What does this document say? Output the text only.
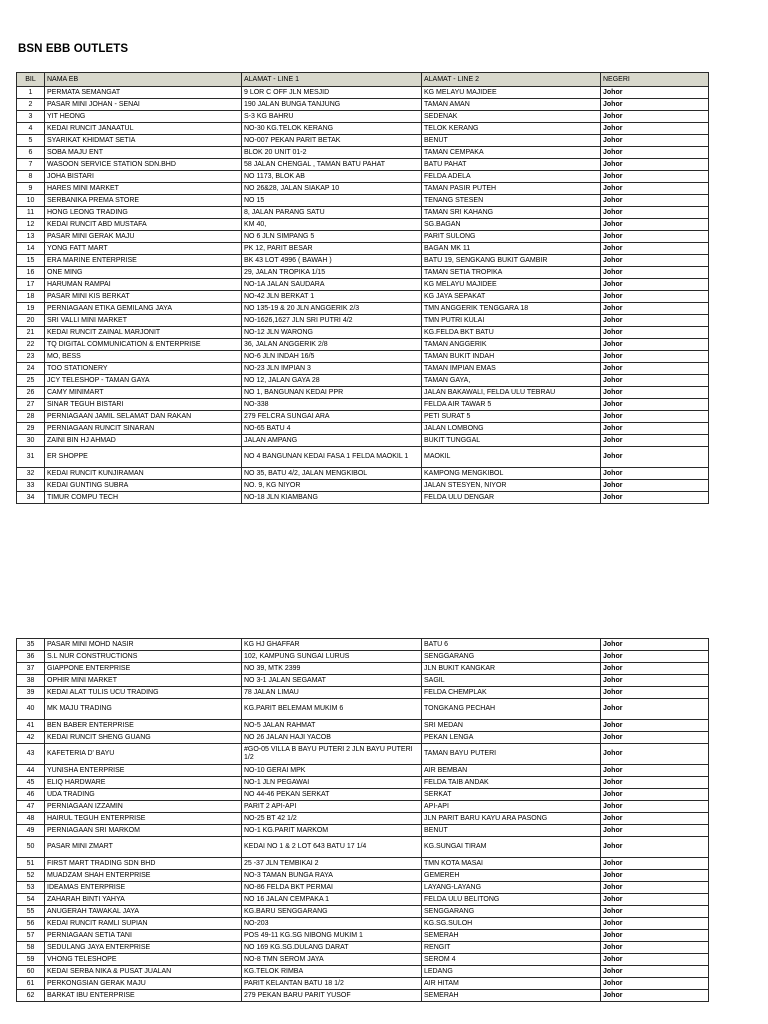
BSN EBB OUTLETS
BIL	NAMA EB	ALAMAT - LINE 1	ALAMAT - LINE 2	NEGERI
1	PERMATA SEMANGAT	9 LOR C OFF JLN MESJID	KG MELAYU MAJIDEE	Johor
2	PASAR MINI JOHAN - SENAI	190 JALAN BUNGA TANJUNG	TAMAN AMAN	Johor
3	YIT HEONG	S-3 KG BAHRU	SEDENAK	Johor
4	KEDAI RUNCIT JANAATUL	NO-30 KG.TELOK KERANG	TELOK KERANG	Johor
5	SYARIKAT KHIDMAT SETIA	NO-007 PEKAN PARIT BETAK	BENUT	Johor
6	SOBA MAJU ENT	BLOK 20 UNIT 01-2	TAMAN CEMPAKA	Johor
7	WASOON SERVICE STATION SDN.BHD	58 JALAN CHENGAL , TAMAN BATU PAHAT	BATU PAHAT	Johor
8	JOHA BISTARI	NO 1173, BLOK AB	FELDA ADELA	Johor
9	HARES MINI MARKET	NO 26&28, JALAN SIAKAP 10	TAMAN PASIR PUTEH	Johor
10	SERBANIKA PREMA STORE	NO 15	TENANG STESEN	Johor
11	HONG LEONG TRADING	8, JALAN PARANG SATU	TAMAN SRI KAHANG	Johor
12	KEDAI RUNCIT ABD MUSTAFA	KM 40,	SG.BAGAN	Johor
13	PASAR MINI GERAK MAJU	NO 6 JLN SIMPANG 5	PARIT SULONG	Johor
14	YONG FATT MART	PK 12, PARIT BESAR	BAGAN MK 11	Johor
15	ERA MARINE ENTERPRISE	BK 43 LOT 4996 ( BAWAH )	BATU 19, SENGKANG BUKIT GAMBIR	Johor
16	ONE MING	29, JALAN TROPIKA 1/15	TAMAN SETIA TROPIKA	Johor
17	HARUMAN RAMPAI	NO-1A JALAN SAUDARA	KG MELAYU MAJIDEE	Johor
18	PASAR MINI KIS BERKAT	NO-42 JLN BERKAT 1	KG JAYA SEPAKAT	Johor
19	PERNIAGAAN ETIKA GEMILANG JAYA	NO 135-19 & 20 JLN ANGGERIK 2/3	TMN ANGGERIK TENGGARA 18	Johor
20	SRI VALLI MINI MARKET	NO-1626,1627 JLN SRI PUTRI 4/2	TMN PUTRI KULAI	Johor
21	KEDAI RUNCIT ZAINAL MARJONIT	NO-12 JLN WARONG	KG.FELDA BKT BATU	Johor
22	TQ DIGITAL COMMUNICATION & ENTERPRISE	36, JALAN ANGGERIK 2/8	TAMAN ANGGERIK	Johor
23	MO, BESS	NO-6 JLN INDAH 16/5	TAMAN BUKIT INDAH	Johor
24	TOO STATIONERY	NO-23 JLN IMPIAN 3	TAMAN IMPIAN EMAS	Johor
25	JCY TELESHOP - TAMAN GAYA	NO 12, JALAN GAYA 28	TAMAN GAYA,	Johor
26	CAMY MINIMART	NO 1, BANGUNAN KEDAI PPR	JALAN BAKAWALI, FELDA ULU TEBRAU	Johor
27	SINAR TEGUH BISTARI	NO-338	FELDA AIR TAWAR 5	Johor
28	PERNIAGAAN JAMIL SELAMAT DAN RAKAN	279 FELCRA SUNGAI ARA	PETI SURAT 5	Johor
29	PERNIAGAAN RUNCIT SINARAN	NO-65 BATU 4	JALAN LOMBONG	Johor
30	ZAINI BIN HJ AHMAD	JALAN AMPANG	BUKIT TUNGGAL	Johor
31	ER SHOPPE	NO 4 BANGUNAN KEDAI FASA 1 FELDA MAOKIL 1	MAOKIL	Johor
32	KEDAI RUNCIT KUNJIRAMAN	NO 35, BATU 4/2, JALAN MENGKIBOL	KAMPONG MENGKIBOL	Johor
33	KEDAI GUNTING SUBRA	NO. 9, KG NIYOR	JALAN STESYEN, NIYOR	Johor
34	TIMUR COMPU TECH	NO-18 JLN KIAMBANG	FELDA ULU DENGAR	Johor
35	PASAR MINI MOHD NASIR	KG HJ GHAFFAR	BATU 6	Johor
36	S.L NUR CONSTRUCTIONS	102, KAMPUNG SUNGAI LURUS	SENGGARANG	Johor
37	GIAPPONE ENTERPRISE	NO 39, MTK 2399	JLN BUKIT KANGKAR	Johor
38	OPHIR MINI MARKET	NO 3-1 JALAN SEGAMAT	SAGIL	Johor
39	KEDAI ALAT TULIS UCU TRADING	78 JALAN LIMAU	FELDA CHEMPLAK	Johor
40	MK MAJU TRADING	KG.PARIT BELEMAM MUKIM 6	TONGKANG PECHAH	Johor
41	BEN BABER ENTERPRISE	NO-5 JALAN RAHMAT	SRI MEDAN	Johor
42	KEDAI RUNCIT SHENG GUANG	NO 26 JALAN HAJI YACOB	PEKAN LENGA	Johor
43	KAFETERIA D' BAYU	#GO-05 VILLA B BAYU PUTERI 2 JLN BAYU PUTERI 1/2	TAMAN BAYU PUTERI	Johor
44	YUNISHA ENTERPRISE	NO-10 GERAI MPK	AIR BEMBAN	Johor
45	ELIQ HARDWARE	NO-1 JLN PEGAWAI	FELDA TAIB ANDAK	Johor
46	UDA TRADING	NO 44-46 PEKAN SERKAT	SERKAT	Johor
47	PERNIAGAAN IZZAMIN	PARIT 2 API-API	API-API	Johor
48	HAIRUL TEGUH ENTERPRISE	NO-25 BT 42 1/2	JLN PARIT BARU KAYU ARA PASONG	Johor
49	PERNIAGAAN SRI MARKOM	NO-1 KG.PARIT MARKOM	BENUT	Johor
50	PASAR MINI ZMART	KEDAI NO 1 & 2 LOT 643 BATU 17 1/4	KG.SUNGAI TIRAM	Johor
51	FIRST MART TRADING SDN BHD	25 -37 JLN TEMBIKAI 2	TMN KOTA MASAI	Johor
52	MUADZAM SHAH ENTERPRISE	NO-3 TAMAN BUNGA RAYA	GEMEREH	Johor
53	IDEAMAS ENTERPRISE	NO-86 FELDA BKT PERMAI	LAYANG-LAYANG	Johor
54	ZAHARAH BINTI YAHYA	NO 16 JALAN CEMPAKA 1	FELDA ULU BELITONG	Johor
55	ANUGERAH TAWAKAL JAYA	KG.BARU SENGGARANG	SENGGARANG	Johor
56	KEDAI RUNCIT RAMLI SUPIAN	NO-203	KG.SG.SULOH	Johor
57	PERNIAGAAN SETIA TANI	POS 49-11 KG.SG NIBONG MUKIM 1	SEMERAH	Johor
58	SEDULANG JAYA ENTERPRISE	NO 169 KG.SG.DULANG DARAT	RENGIT	Johor
59	VHONG TELESHOPE	NO-8 TMN SEROM JAYA	SEROM 4	Johor
60	KEDAI SERBA NIKA & PUSAT JUALAN	KG.TELOK RIMBA	LEDANG	Johor
61	PERKONGSIAN GERAK MAJU	PARIT KELANTAN BATU 18 1/2	AIR HITAM	Johor
62	BARKAT IBU ENTERPRISE	279 PEKAN BARU PARIT YUSOF	SEMERAH	Johor
